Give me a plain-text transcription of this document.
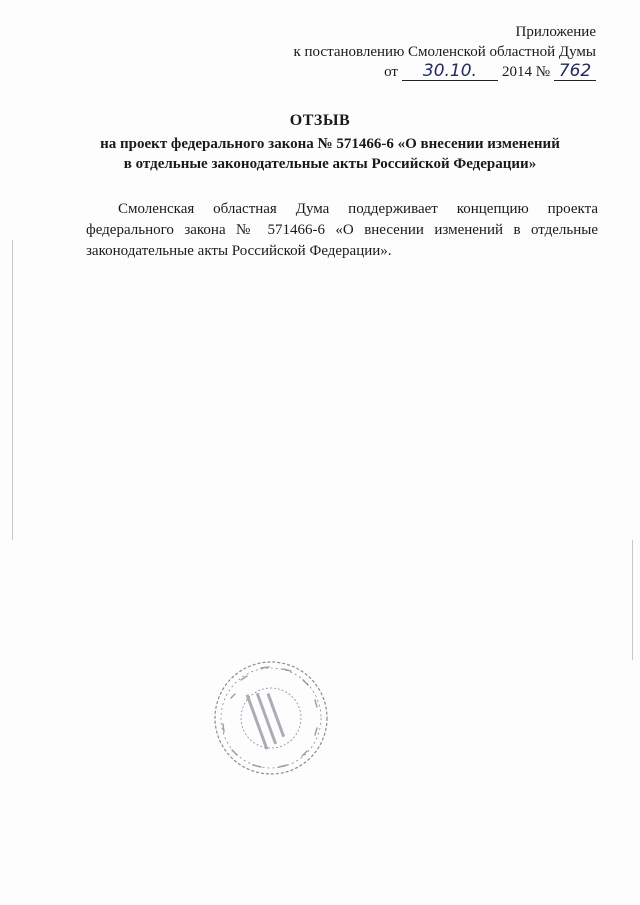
Приложение
к постановлению Смоленской областной Думы
от	30.10.	2014 № 762
ОТЗЫВ
на проект федерального закона № 571466-6 «О внесении изменений
в отдельные законодательные акты Российской Федерации»

Смоленская областная Дума поддерживает концепцию проекта федерального закона № 571466-6 «О внесении изменений в отдельные законодательные акты Российской Федерации».
